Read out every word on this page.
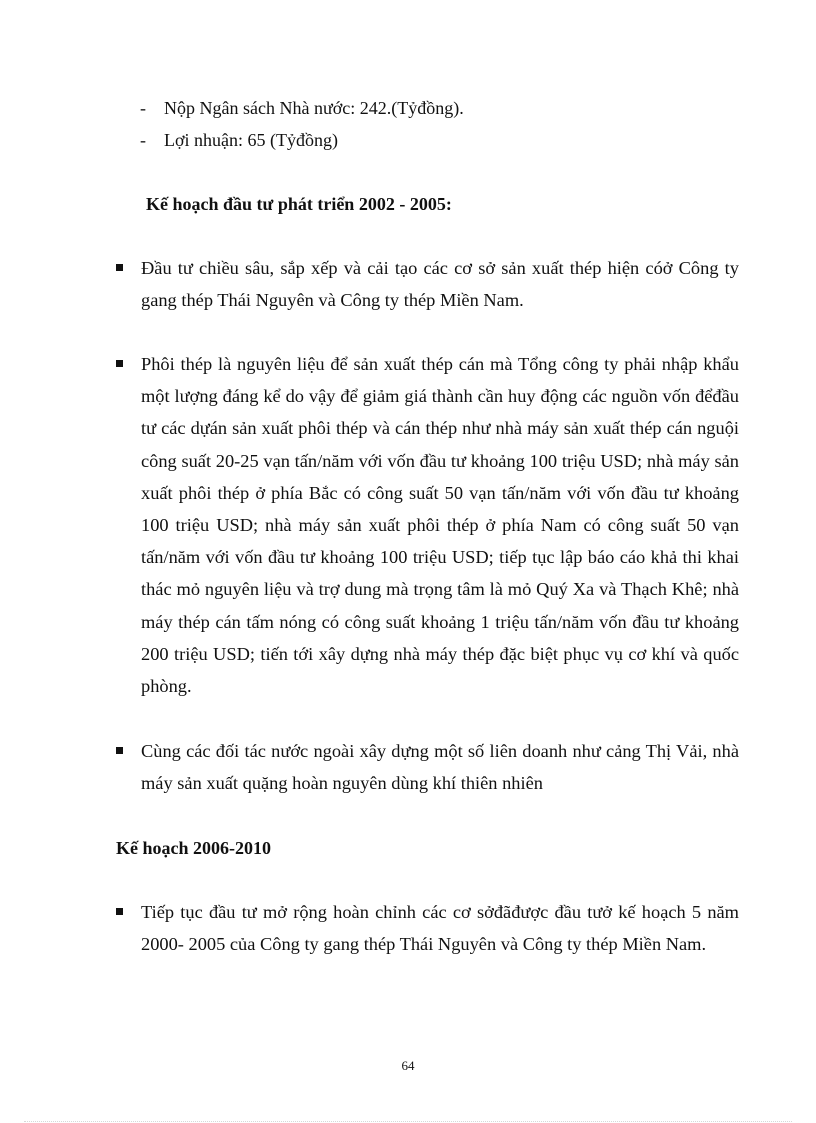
- Nộp Ngân sách Nhà nước: 242.(Tỷđồng).
- Lợi nhuận: 65 (Tỷđồng)
Kế hoạch đầu tư phát triển 2002 - 2005:
Đầu tư chiều sâu, sắp xếp và cải tạo các cơ sở sản xuất thép hiện cóở Công ty gang thép Thái Nguyên và Công ty thép Miền Nam.
Phôi thép là nguyên liệu để sản xuất thép cán mà Tổng công ty phải nhập khẩu một lượng đáng kể do vậy để giảm giá thành cần huy động các nguồn vốn đểđầu tư các dựán sản xuất phôi thép và cán thép như nhà máy sản xuất thép cán nguội công suất 20-25 vạn tấn/năm với vốn đầu tư khoảng 100 triệu USD; nhà máy sản xuất phôi thép ở phía Bắc có công suất 50 vạn tấn/năm với vốn đầu tư khoảng 100 triệu USD; nhà máy sản xuất phôi thép ở phía Nam có công suất 50 vạn tấn/năm với vốn đầu tư khoảng 100 triệu USD; tiếp tục lập báo cáo khả thi khai thác mỏ nguyên liệu và trợ dung mà trọng tâm là mỏ Quý Xa và Thạch Khê; nhà máy thép cán tấm nóng có công suất khoảng 1 triệu tấn/năm vốn đầu tư khoảng 200 triệu USD; tiến tới xây dựng nhà máy thép đặc biệt phục vụ cơ khí và quốc phòng.
Cùng các đối tác nước ngoài xây dựng một số liên doanh như cảng Thị Vải, nhà máy sản xuất quặng hoàn nguyên dùng khí thiên nhiên
Kế hoạch 2006-2010
Tiếp tục đầu tư mở rộng hoàn chỉnh các cơ sởđãđược đầu tưở kế hoạch 5 năm 2000- 2005 của Công ty gang thép Thái Nguyên và Công ty thép Miền Nam.
64
